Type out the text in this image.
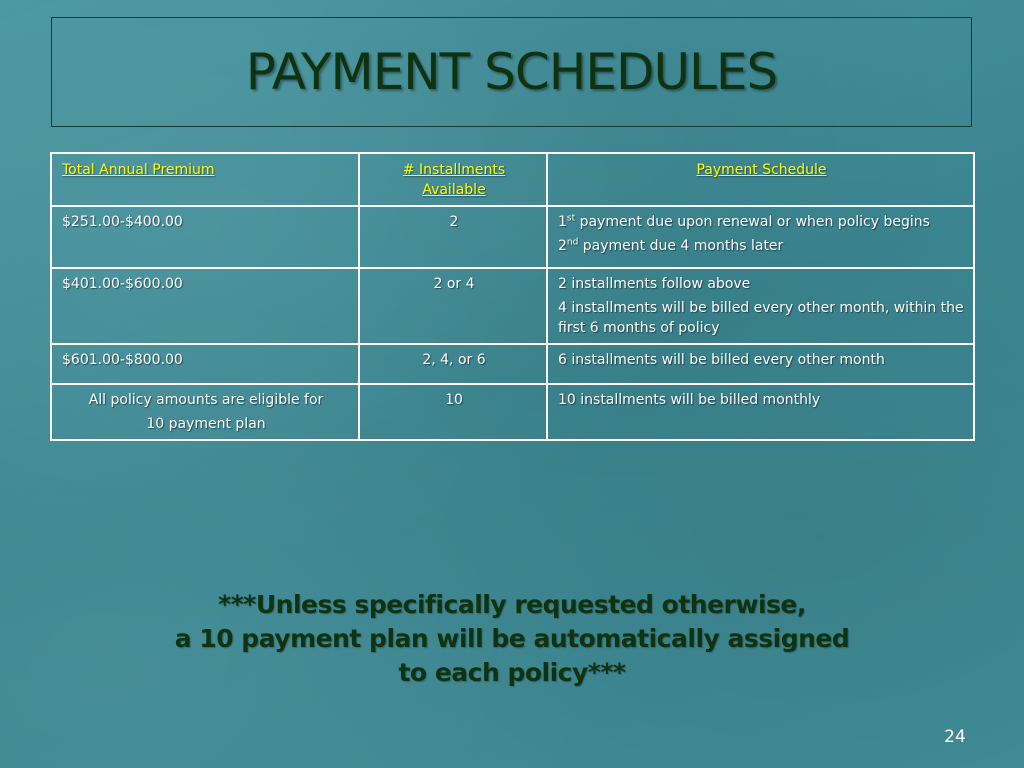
PAYMENT SCHEDULES
Total Annual Premium	# Installments Available	Payment Schedule
$251.00-$400.00	2	1st payment due upon renewal or when policy begins
2nd payment due 4 months later

$401.00-$600.00	2 or 4	2 installments follow above
4 installments will be billed every other month, within the first 6 months of policy

$601.00-$800.00	2, 4, or 6	6 installments will be billed every other month

All policy amounts are eligible for
10 payment plan	10	10 installments will be billed monthly
***Unless specifically requested otherwise,
a 10 payment plan will be automatically assigned
to each policy***
24
